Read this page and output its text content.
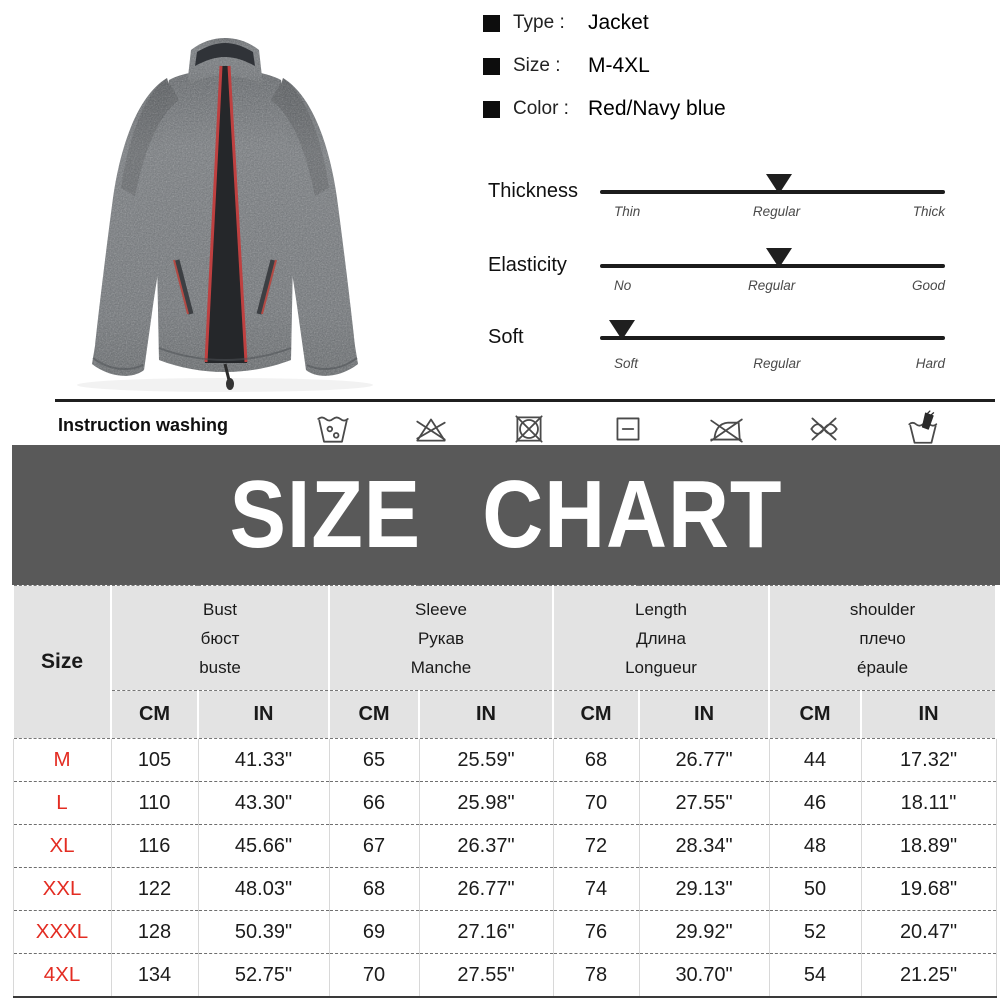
Type :	Jacket
Size :	M-4XL
Color : Red/Navy blue
Thickness
Thin	Regular	Thick
Elasticity
No	Regular	Good
Soft
Soft	Regular	Hard
Instruction washing
SIZE CHART
Size	
Bust
бюст
buste

Sleeve
Рукав
Manche

Length
Длина
Longueur

shoulder
плечо
épaule

	CM	IN	CM	IN	CM	IN	CM	IN
M	105	41.33"	65	25.59"	68	26.77"	44	17.32"
L	110	43.30"	66	25.98"	70	27.55"	46	18.11"
XL	116	45.66"	67	26.37"	72	28.34"	48	18.89"
XXL	122	48.03"	68	26.77"	74	29.13"	50	19.68"
XXXL	128	50.39"	69	27.16"	76	29.92"	52	20.47"
4XL	134	52.75"	70	27.55"	78	30.70"	54	21.25"
